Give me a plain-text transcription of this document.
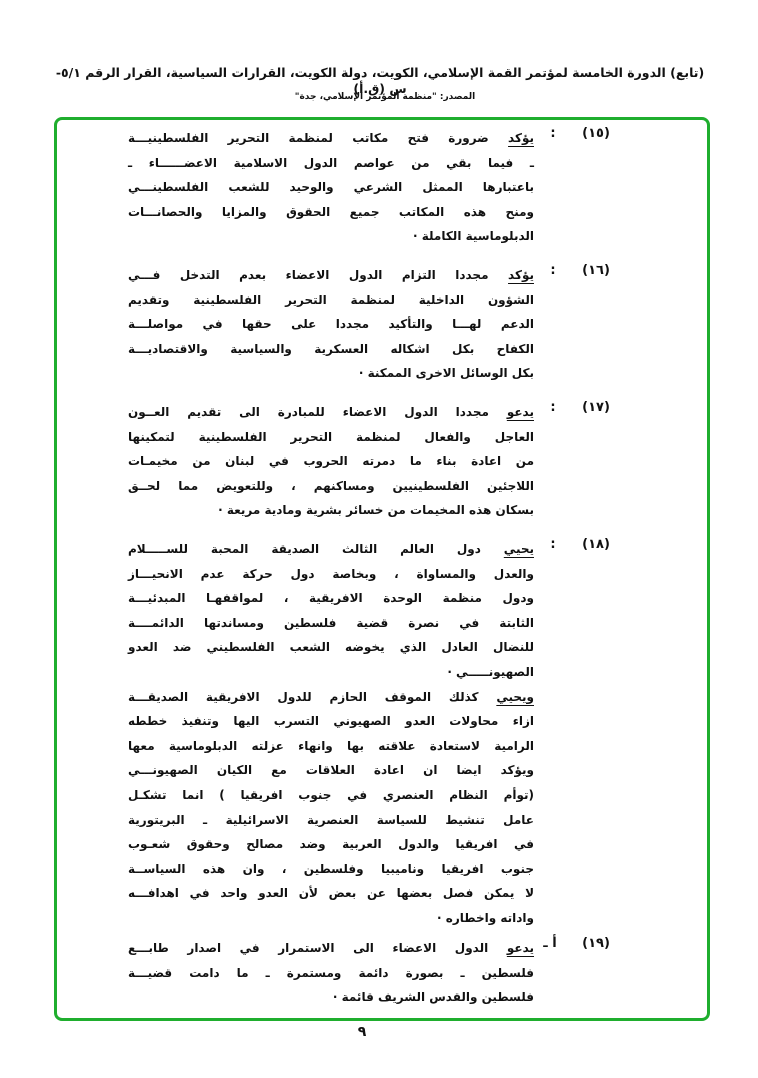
(تابع) الدورة الخامسة لمؤتمر القمة الإسلامي، الكويت، دولة الكويت، القرارات السياسية، القرار الرقم ٥/١-س (ق.أ)
المصدر: "منظمة المؤتمر الإسلامي، جدة"
(١٥)
:
يؤكد ضرورة فتح مكاتب لمنظمة التحرير الفلسطينيـــة
ـ فيما بقي من عواصم الدول الاسلامية الاعضــــــاء ـ
باعتبارها الممثل الشرعي والوحيد للشعب الفلسطينـــي
ومنح هذه المكاتب جميع الحقوق والمزايا والحصانـــات
الدبلوماسية الكاملة ·
(١٦)
:
يؤكد مجددا التزام الدول الاعضاء بعدم التدخل فـــي
الشؤون الداخلية لمنظمة التحرير الفلسطينية وتقديم
الدعم لهـــا والتأكيد مجددا على حقها في مواصلـــة
الكفاح بكل اشكاله العسكرية والسياسية والاقتصاديـــة
بكل الوسائل الاخرى الممكنة ·
(١٧)
:
يدعو مجددا الدول الاعضاء للمبادرة الى تقديم العــون
العاجل والفعال لمنظمة التحرير الفلسطينية لتمكينها
من اعادة بناء ما دمرته الحروب في لبنان من مخيمـات
اللاجئين الفلسطينيين ومساكنهم ، وللتعويض مما لحــق
بسكان هذه المخيمات من خسائر بشرية ومادية مريعة ·
(١٨)
:
يحيي دول العالم الثالث الصديقة المحبة للســـــلام
والعدل والمساواة ، وبخاصة دول حركة عدم الانحيـــاز
ودول منظمة الوحدة الافريقية ، لمواقفهـا المبدئيـــة
الثابتة في نصرة قضية فلسطين ومساندتها الدائمــــة
للنضال العادل الذي يخوضه الشعب الفلسطيني ضد العدو
الصهيونـــــي ·
ويحيي كذلك الموقف الحازم للدول الافريقية الصديقـــة
ازاء محاولات العدو الصهيوني التسرب اليها وتنفيذ خططه
الرامية لاستعادة علاقته بها وانهاء عزلته الدبلوماسية معها
ويؤكد ايضا ان اعادة العلاقات مع الكيان الصهيونـــي
(توأم النظام العنصري في جنوب افريقيا ) انما تشكـل
عامل تنشيط للسياسة العنصرية الاسرائيلية ـ البريتورية
في افريقيا والدول العربية وضد مصالح وحقوق شعـوب
جنوب افريقيا وناميبيا وفلسطين ، وان هذه السياســة
لا يمكن فصل بعضها عن بعض لأن العدو واحد في اهدافـــه
واداته واخطاره ·
(١٩)
أ ـ
يدعو الدول الاعضاء الى الاستمرار في اصدار طابـــع
فلسطين ـ بصورة دائمة ومستمرة ـ ما دامت قضيـــة
فلسطين والقدس الشريف قائمة ·
٩
